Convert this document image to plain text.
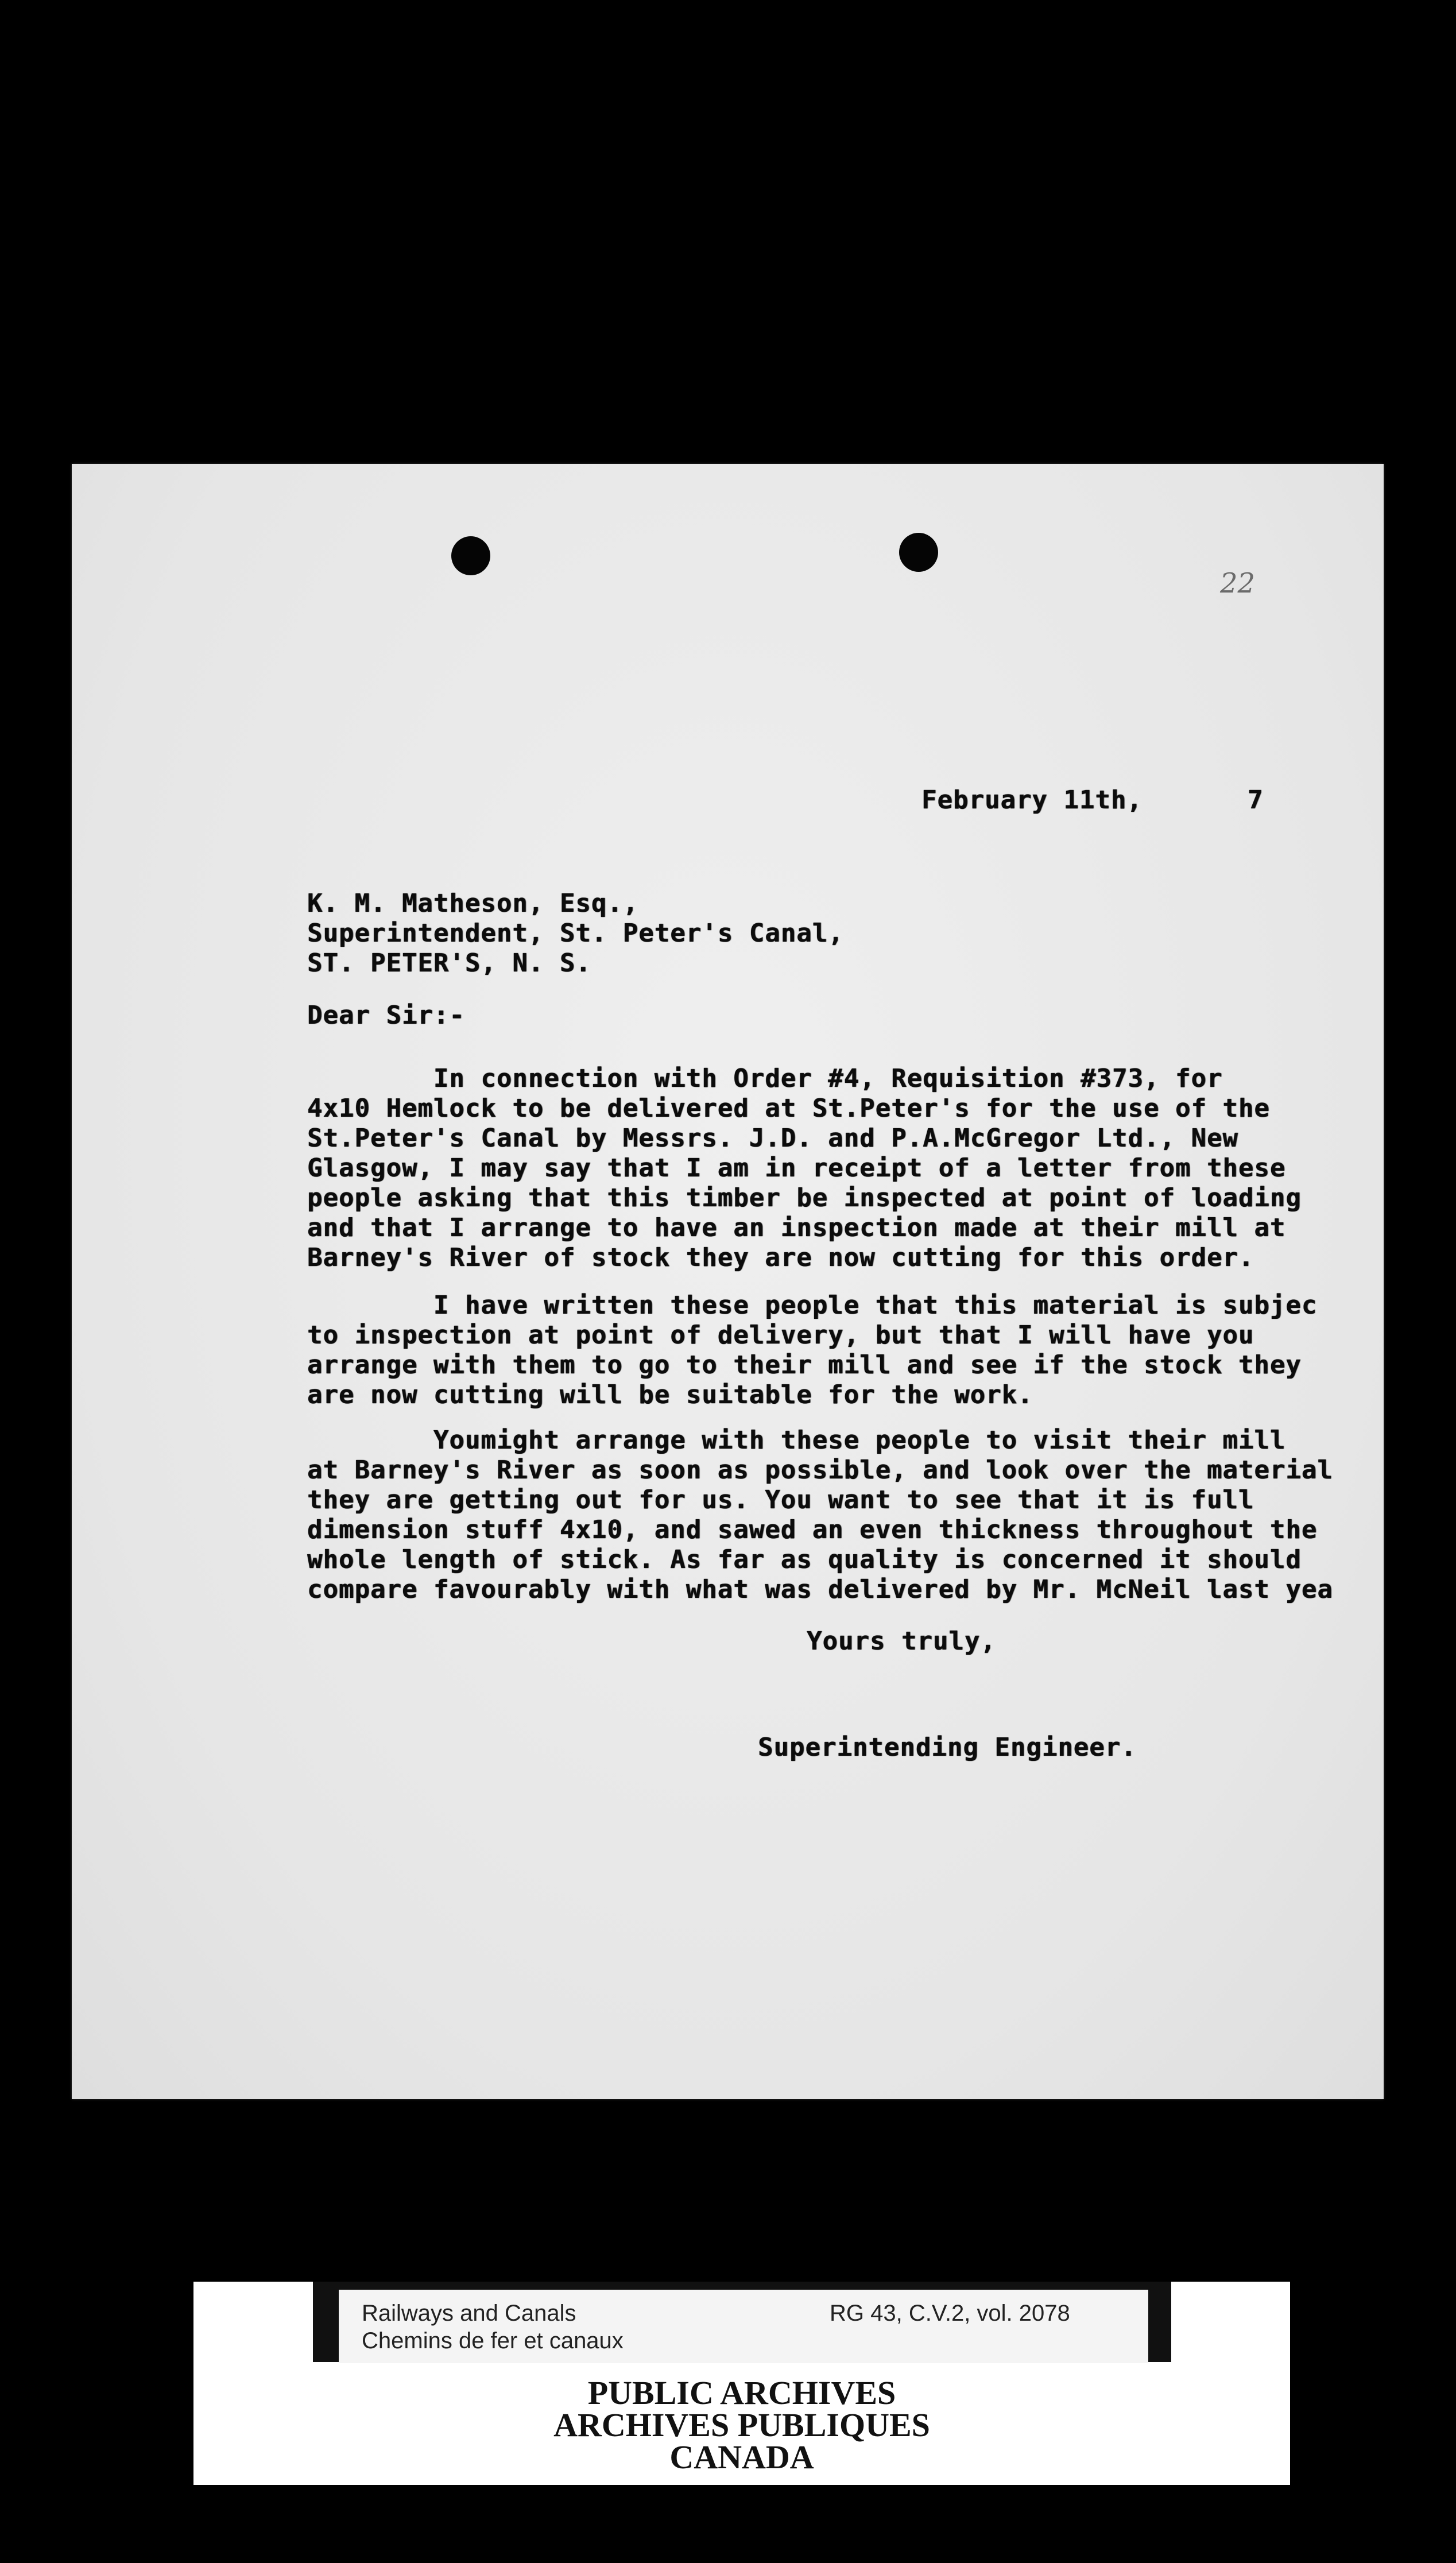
22
February 11th,	7
K. M. Matheson, Esq.,
Superintendent, St. Peter's Canal,
ST. PETER'S, N. S.
Dear Sir:-
In connection with Order #4, Requisition #373, for
4x10 Hemlock to be delivered at St.Peter's for the use of the
St.Peter's Canal by Messrs. J.D. and P.A.McGregor Ltd., New
Glasgow, I may say that I am in receipt of a letter from these
people asking that this timber be inspected at point of loading
and that I arrange to have an inspection made at their mill at
Barney's River of stock they are now cutting for this order.
I have written these people that this material is subjec
to inspection at point of delivery, but that I will have you
arrange with them to go to their mill and see if the stock they
are now cutting will be suitable for the work.
Youmight arrange with these people to visit their mill
at Barney's River as soon as possible, and look over the material
they are getting out for us. You want to see that it is full
dimension stuff 4x10, and sawed an even thickness throughout the
whole length of stick. As far as quality is concerned it should
compare favourably with what was delivered by Mr. McNeil last yea
Yours truly,
Superintending Engineer.
Railways and Canals
Chemins de fer et canaux
RG 43, C.V.2, vol. 2078
PUBLIC ARCHIVES
ARCHIVES PUBLIQUES
CANADA
